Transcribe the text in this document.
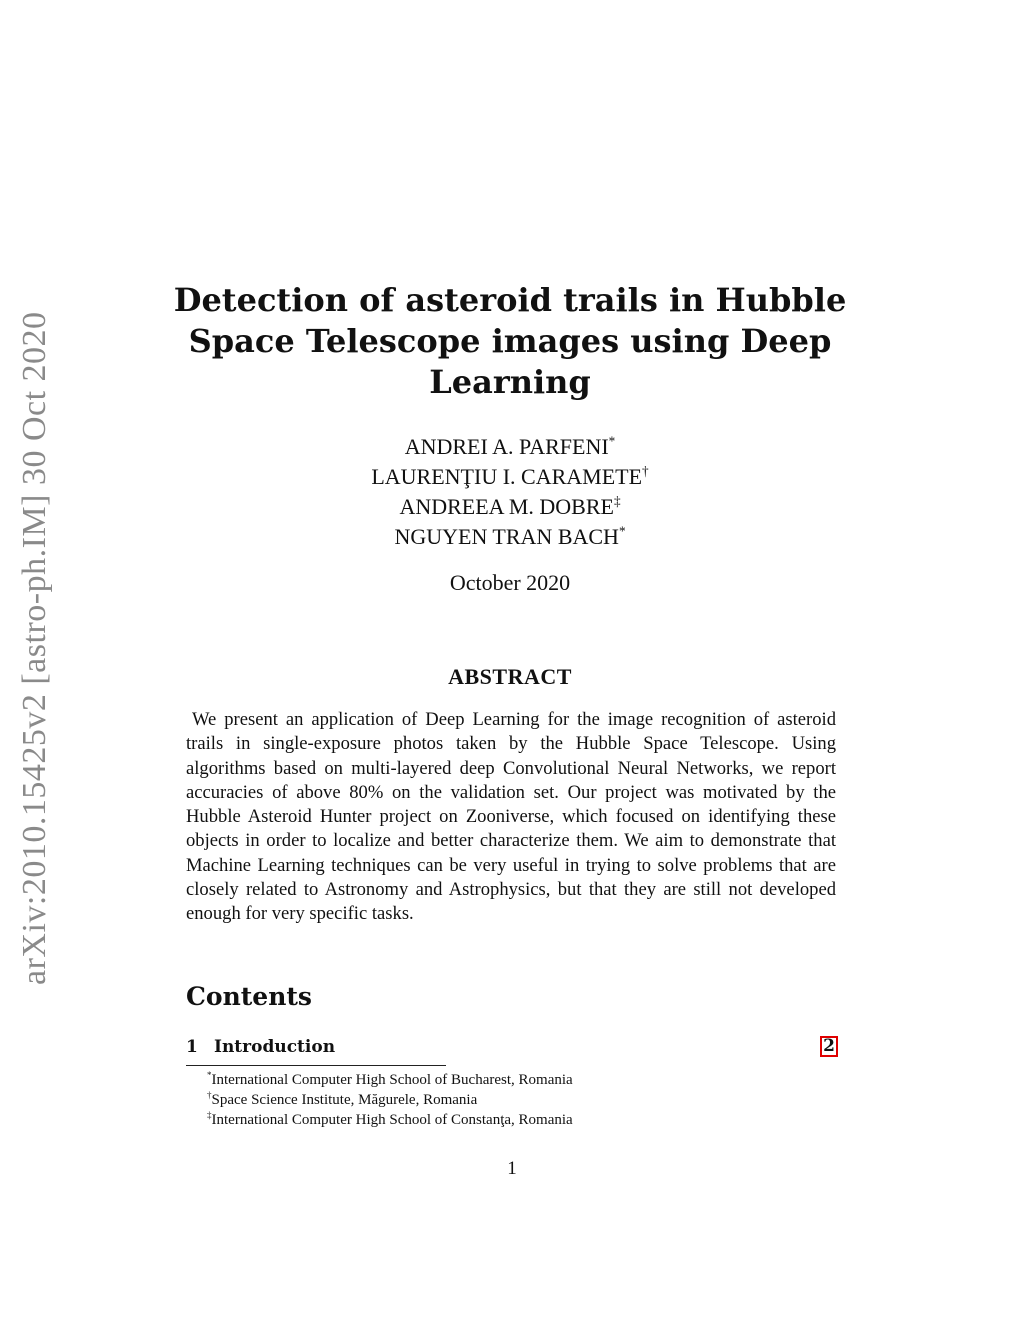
arXiv:2010.15425v2 [astro-ph.IM] 30 Oct 2020
Detection of asteroid trails in Hubble Space Telescope images using Deep Learning
ANDREI A. PARFENI*
LAURENŢIU I. CARAMETE†
ANDREEA M. DOBRE‡
NGUYEN TRAN BACH*
October 2020
ABSTRACT

We present an application of Deep Learning for the image recognition of asteroid trails in single-exposure photos taken by the Hubble Space Telescope. Using algorithms based on multi-layered deep Convolutional Neural Networks, we report accuracies of above 80% on the validation set. Our project was motivated by the Hubble Asteroid Hunter project on Zooniverse, which focused on identifying these objects in order to localize and better characterize them. We aim to demonstrate that Machine Learning techniques can be very useful in trying to solve problems that are closely related to Astronomy and Astrophysics, but that they are still not developed enough for very specific tasks.

Contents
1 Introduction	2
*International Computer High School of Bucharest, Romania
†Space Science Institute, Măgurele, Romania
‡International Computer High School of Constanţa, Romania
1
